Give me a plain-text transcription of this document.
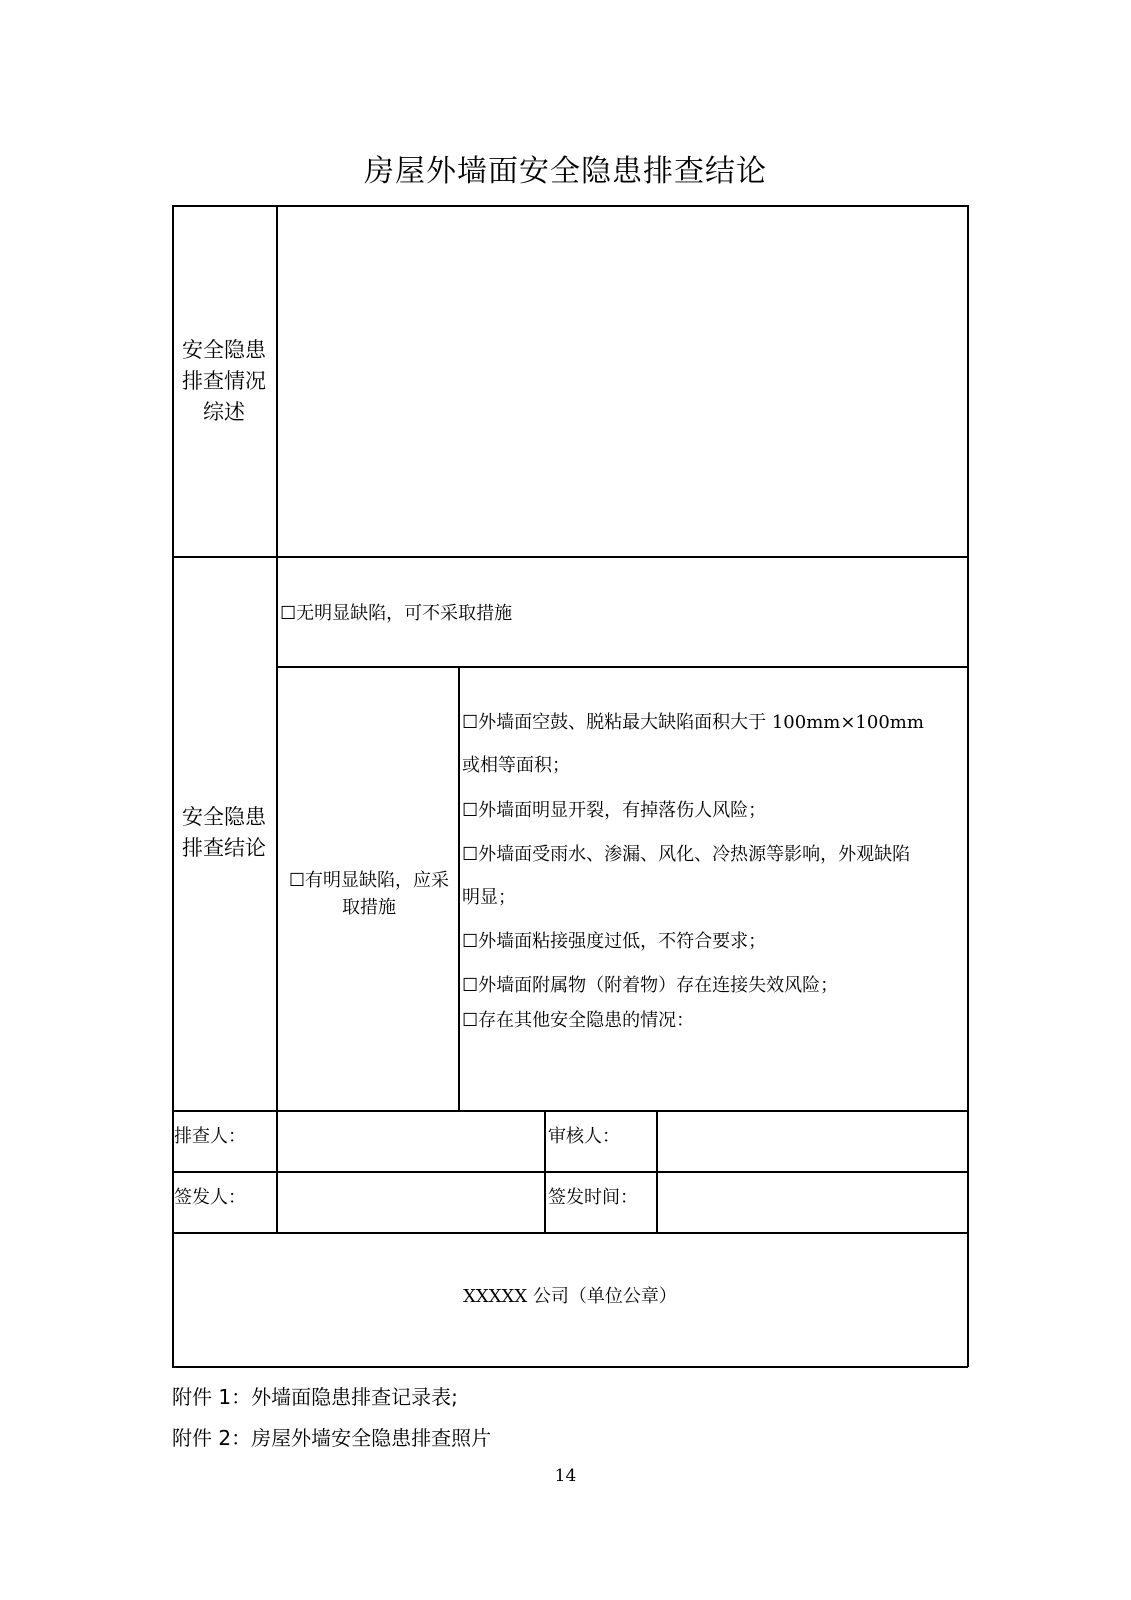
房屋外墙面安全隐患排查结论
安全隐患排查情况综述
安全隐患排查结论
☐无明显缺陷，可不采取措施
☐有明显缺陷，应采
取措施
☐外墙面空鼓、脱粘最大缺陷面积大于 100mm×100mm
或相等面积；
☐外墙面明显开裂，有掉落伤人风险；
☐外墙面受雨水、渗漏、风化、冷热源等影响，外观缺陷
明显；
☐外墙面粘接强度过低，不符合要求；
☐外墙面附属物（附着物）存在连接失效风险；
☐存在其他安全隐患的情况：
排查人：	审核人：
签发人：	签发时间：
XXXXX 公司（单位公章）
附件 1：外墙面隐患排查记录表;
附件 2：房屋外墙安全隐患排查照片
14
